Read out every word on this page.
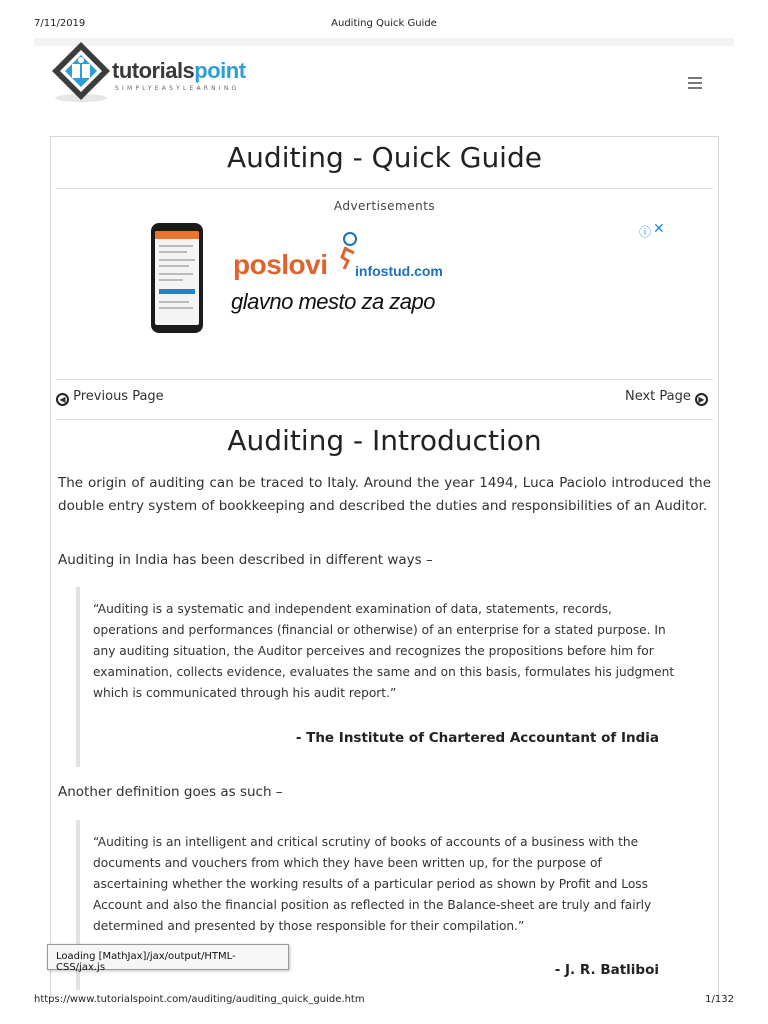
7/11/2019	Auditing Quick Guide
tutorialspoint
SIMPLYEASYLEARNING
Auditing - Quick Guide
Advertisements
poslovi infostud.com
glavno mesto za zapo
ⓘ ✕
◀ Previous Page	Next Page ▶
Auditing - Introduction

The origin of auditing can be traced to Italy. Around the year 1494, Luca Paciolo introduced the double entry system of bookkeeping and described the duties and responsibilities of an Auditor.

Auditing in India has been described in different ways –

“Auditing is a systematic and independent examination of data, statements, records, operations and performances (financial or otherwise) of an enterprise for a stated purpose. In any auditing situation, the Auditor perceives and recognizes the propositions before him for examination, collects evidence, evaluates the same and on this basis, formulates his judgment which is communicated through his audit report.”

- The Institute of Chartered Accountant of India

Another definition goes as such –

“Auditing is an intelligent and critical scrutiny of books of accounts of a business with the documents and vouchers from which they have been written up, for the purpose of ascertaining whether the working results of a particular period as shown by Profit and Loss Account and also the financial position as reflected in the Balance-sheet are truly and fairly determined and presented by those responsible for their compilation.”

- J. R. Batliboi
Loading [MathJax]/jax/output/HTML-CSS/jax.js
https://www.tutorialspoint.com/auditing/auditing_quick_guide.htm	1/132
